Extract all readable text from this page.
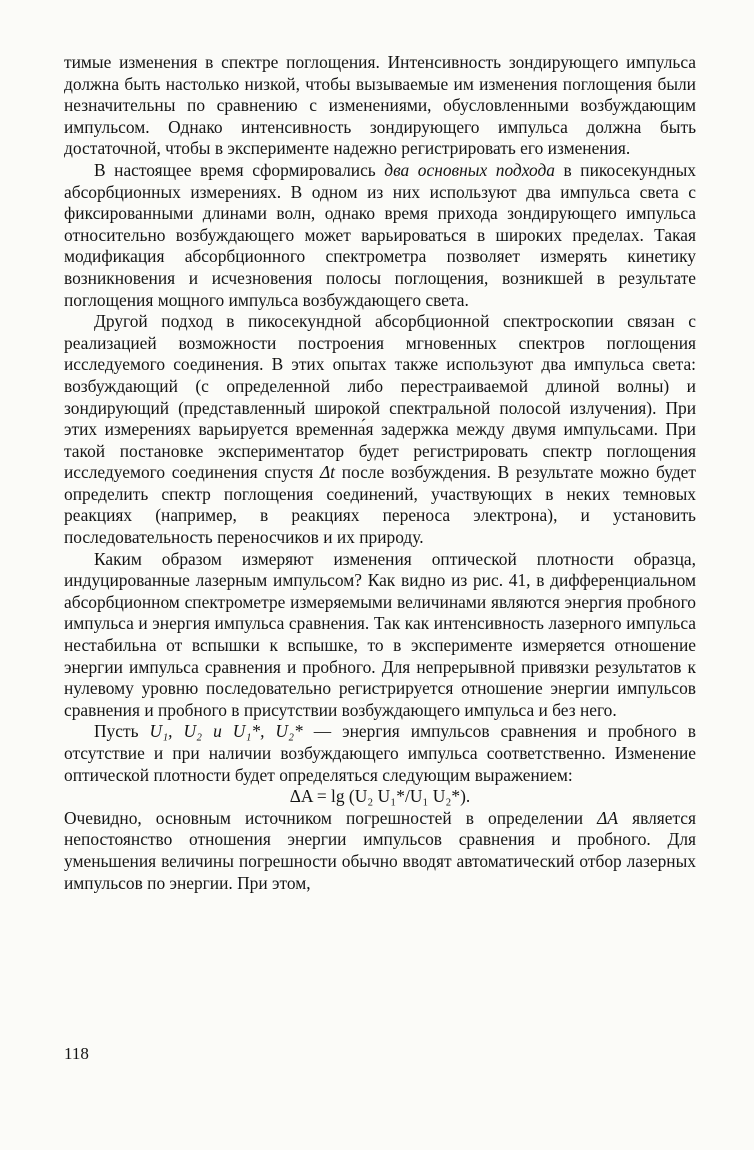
тимые изменения в спектре поглощения. Интенсивность зондирующего импульса должна быть настолько низкой, чтобы вызываемые им изменения поглощения были незначительны по сравнению с изменениями, обусловленными возбуждающим импульсом. Однако интенсивность зондирующего импульса должна быть достаточной, чтобы в эксперименте надежно регистрировать его изменения.

В настоящее время сформировались два основных подхода в пикосекундных абсорбционных измерениях. В одном из них используют два импульса света с фиксированными длинами волн, однако время прихода зондирующего импульса относительно возбуждающего может варьироваться в широких пределах. Такая модификация абсорбционного спектрометра позволяет измерять кинетику возникновения и исчезновения полосы поглощения, возникшей в результате поглощения мощного импульса возбуждающего света.

Другой подход в пикосекундной абсорбционной спектроскопии связан с реализацией возможности построения мгновенных спектров поглощения исследуемого соединения. В этих опытах также используют два импульса света: возбуждающий (с определенной либо перестраиваемой длиной волны) и зондирующий (представленный широкой спектральной полосой излучения). При этих измерениях варьируется временна́я задержка между двумя импульсами. При такой постановке экспериментатор будет регистрировать спектр поглощения исследуемого соединения спустя Δt после возбуждения. В результате можно будет определить спектр поглощения соединений, участвующих в неких темновых реакциях (например, в реакциях переноса электрона), и установить последовательность переносчиков и их природу.

Каким образом измеряют изменения оптической плотности образца, индуцированные лазерным импульсом? Как видно из рис. 41, в дифференциальном абсорбционном спектрометре измеряемыми величинами являются энергия пробного импульса и энергия импульса сравнения. Так как интенсивность лазерного импульса нестабильна от вспышки к вспышке, то в эксперименте измеряется отношение энергии импульса сравнения и пробного. Для непрерывной привязки результатов к нулевому уровню последовательно регистрируется отношение энергии импульсов сравнения и пробного в присутствии возбуждающего импульса и без него.

Пусть U₁, U₂ и U₁*, U₂* — энергия импульсов сравнения и пробного в отсутствие и при наличии возбуждающего импульса соответственно. Изменение оптической плотности будет определяться следующим выражением:

ΔA = lg (U₂ U₁*/U₁ U₂*).

Очевидно, основным источником погрешностей в определении ΔA является непостоянство отношения энергии импульсов сравнения и пробного. Для уменьшения величины погрешности обычно вводят автоматический отбор лазерных импульсов по энергии. При этом,

118
